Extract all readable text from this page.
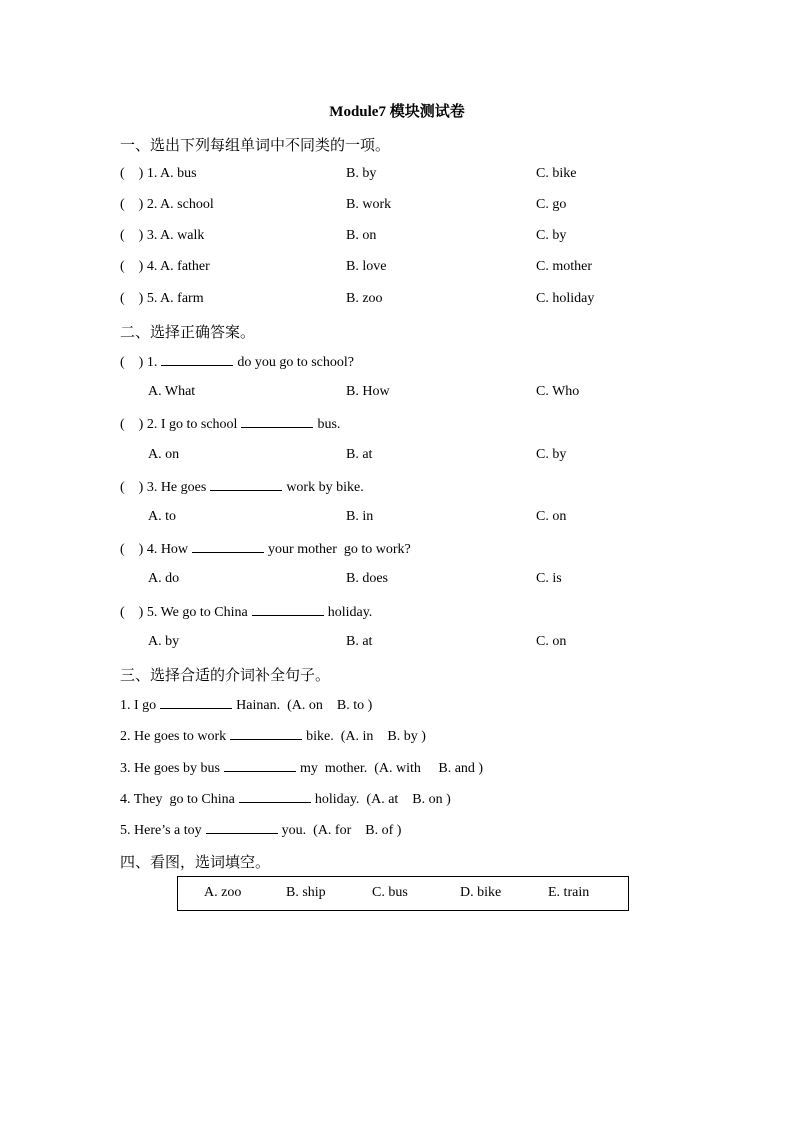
Module7 模块测试卷
一、选出下列每组单词中不同类的一项。
(    ) 1. A. bus	B. by	C. bike
(    ) 2. A. school	B. work	C. go
(    ) 3. A. walk	B. on	C. by
(    ) 4. A. father	B. love	C. mother
(    ) 5. A. farm	B. zoo	C. holiday
二、选择正确答案。
(    ) 1.	do you go to school?
A. What	B. How	C. Who
(    ) 2. I go to school	bus.
A. on	B. at	C. by
(    ) 3. He goes	work by bike.
A. to	B. in	C. on
(    ) 4. How	your mother  go to work?
A. do	B. does	C. is
(    ) 5. We go to China	holiday.
A. by	B. at	C. on
三、选择合适的介词补全句子。
1. I go	Hainan.  (A. on    B. to )
2. He goes to work	bike.  (A. in    B. by )
3. He goes by bus	my  mother.  (A. with     B. and )
4. They  go to China	holiday.  (A. at    B. on )
5. Here’s a toy	you.  (A. for    B. of )
四、看图，选词填空。
A. zoo	B. ship	C. bus	D. bike	E. train
